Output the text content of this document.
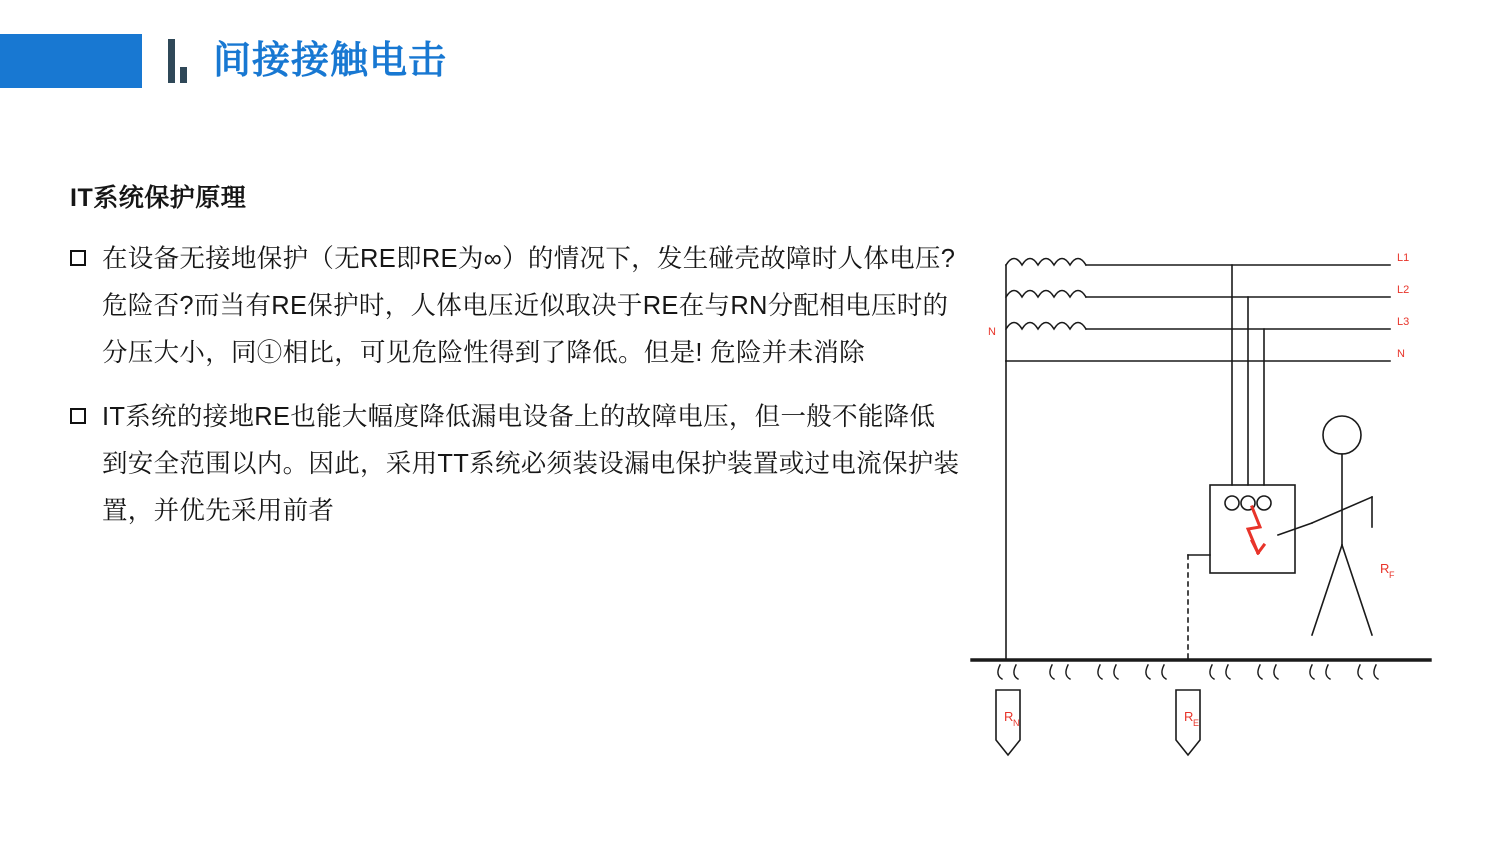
间接接触电击
IT系统保护原理
在设备无接地保护（无RE即RE为∞）的情况下，发生碰壳故障时人体电压?危险否?而当有RE保护时，人体电压近似取决于RE在与RN分配相电压时的分压大小，同①相比，可见危险性得到了降低。但是! 危险并未消除
IT系统的接地RE也能大幅度降低漏电设备上的故障电压，但一般不能降低到安全范围以内。因此，采用TT系统必须装设漏电保护装置或过电流保护装置，并优先采用前者
L1
L2
L3
N
N
R N	R E
R F
